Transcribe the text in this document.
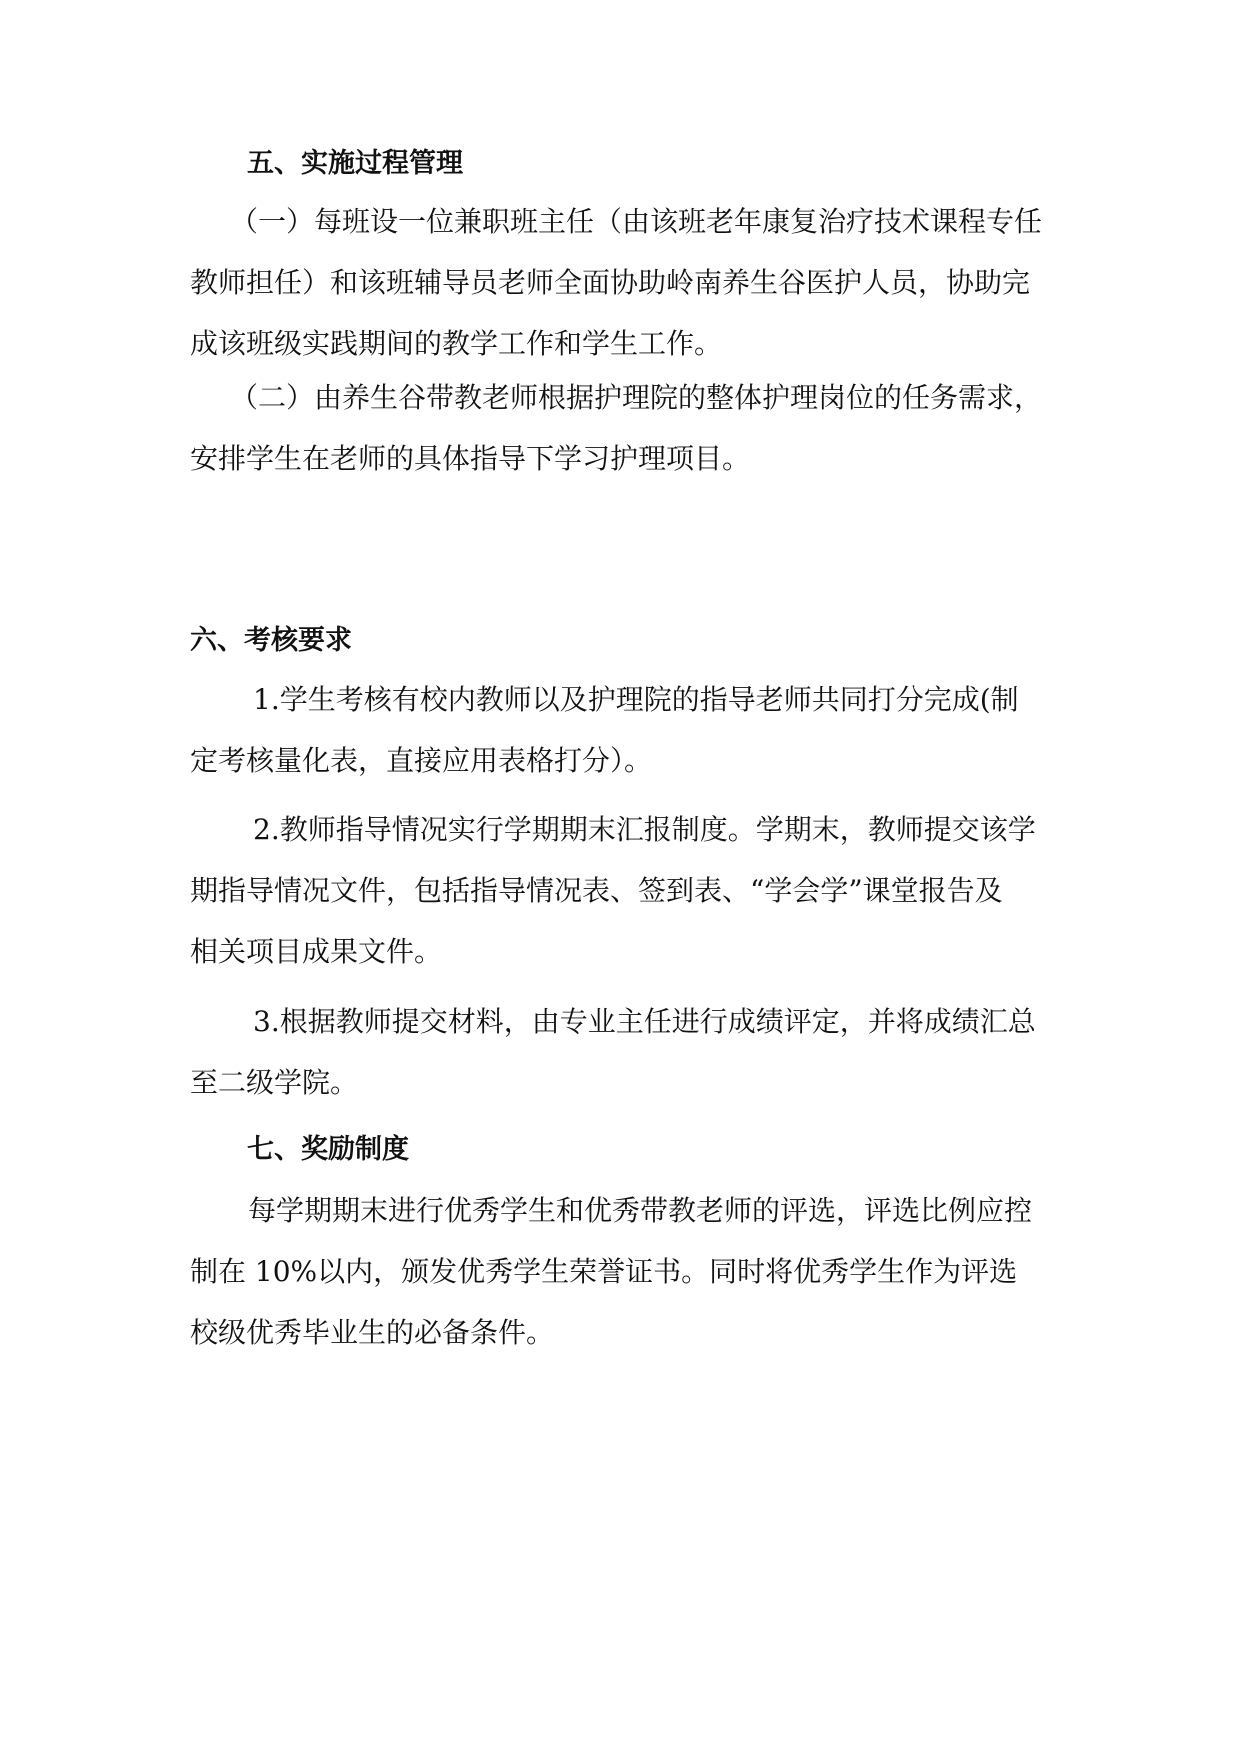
五、实施过程管理
（一）每班设一位兼职班主任（由该班老年康复治疗技术课程专任
教师担任）和该班辅导员老师全面协助岭南养生谷医护人员，协助完
成该班级实践期间的教学工作和学生工作。
（二）由养生谷带教老师根据护理院的整体护理岗位的任务需求，
安排学生在老师的具体指导下学习护理项目。
六、考核要求
1.学生考核有校内教师以及护理院的指导老师共同打分完成(制
定考核量化表，直接应用表格打分）。
2.教师指导情况实行学期期末汇报制度。学期末，教师提交该学
期指导情况文件，包括指导情况表、签到表、“学会学”课堂报告及
相关项目成果文件。
3.根据教师提交材料，由专业主任进行成绩评定，并将成绩汇总
至二级学院。
七、奖励制度
每学期期末进行优秀学生和优秀带教老师的评选，评选比例应控
制在 10%以内，颁发优秀学生荣誉证书。同时将优秀学生作为评选
校级优秀毕业生的必备条件。
